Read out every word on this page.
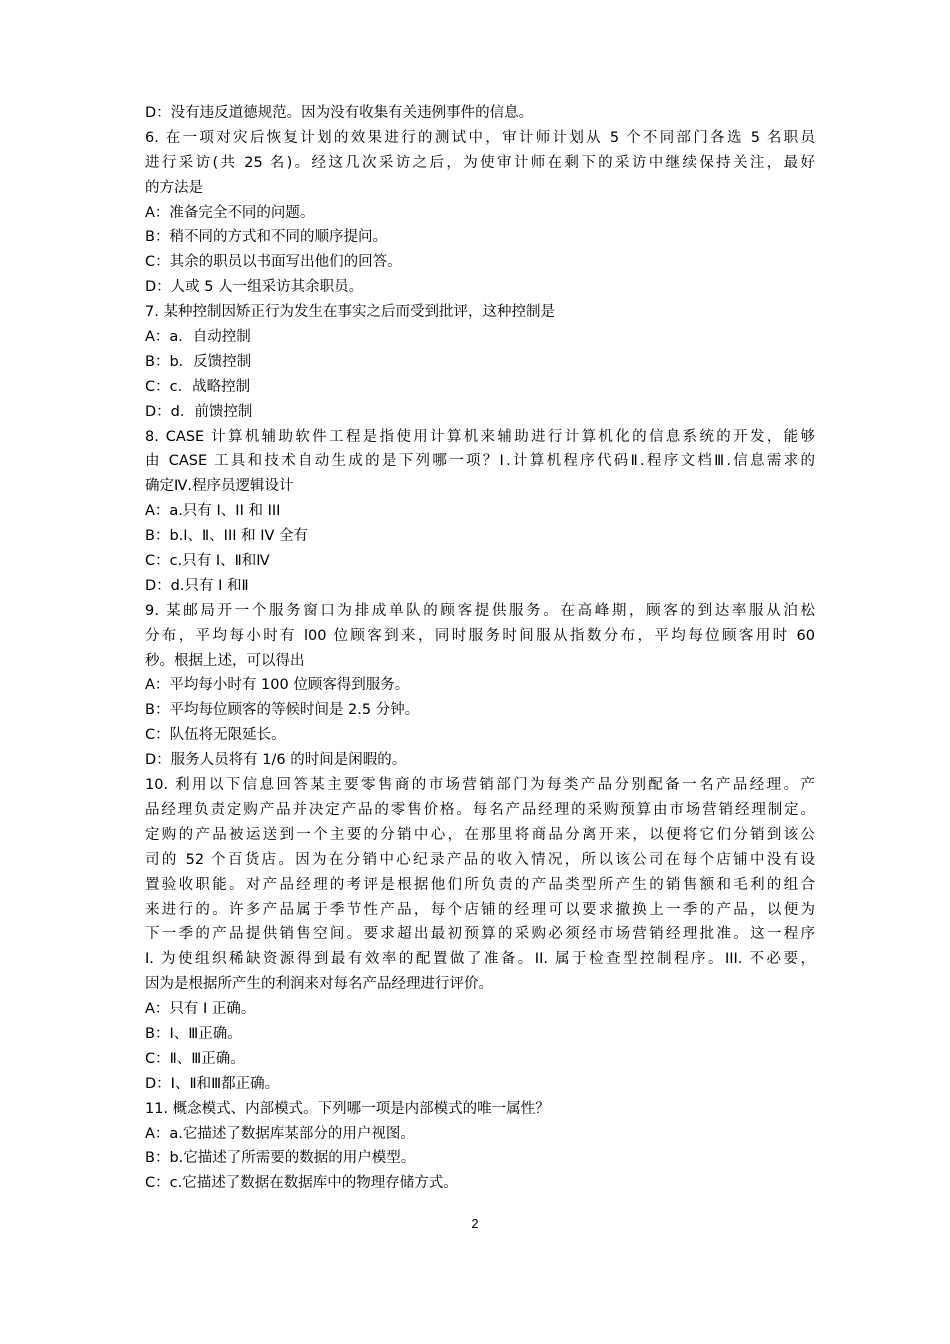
D：没有违反道德规范。因为没有收集有关违例事件的信息。
6. 在一项对灾后恢复计划的效果进行的测试中，审计师计划从 5 个不同部门各选 5 名职员
进行采访(共 25 名)。经这几次采访之后，为使审计师在剩下的采访中继续保持关注，最好
的方法是
A：准备完全不同的问题。
B：稍不同的方式和不同的顺序提问。
C：其余的职员以书面写出他们的回答。
D：人或 5 人一组采访其余职员。
7. 某种控制因矫正行为发生在事实之后而受到批评，这种控制是
A：a．自动控制
B：b．反馈控制
C：c．战略控制
D：d．前馈控制
8. CASE 计算机辅助软件工程是指使用计算机来辅助进行计算机化的信息系统的开发，能够
由 CASE 工具和技术自动生成的是下列哪一项？Ⅰ.计算机程序代码Ⅱ.程序文档Ⅲ.信息需求的
确定Ⅳ.程序员逻辑设计
A：a.只有 I、II 和 III
B：b.I、Ⅱ、III 和 IV 全有
C：c.只有 I、Ⅱ和Ⅳ
D：d.只有 I 和Ⅱ
9. 某邮局开一个服务窗口为排成单队的顾客提供服务。在高峰期，顾客的到达率服从泊松
分布，平均每小时有 l00 位顾客到来，同时服务时间服从指数分布，平均每位顾客用时 60
秒。根据上述，可以得出
A：平均每小时有 100 位顾客得到服务。
B：平均每位顾客的等候时间是 2.5 分钟。
C：队伍将无限延长。
D：服务人员将有 1/6 的时间是闲暇的。
10. 利用以下信息回答某主要零售商的市场营销部门为每类产品分别配备一名产品经理。产
品经理负责定购产品并决定产品的零售价格。每名产品经理的采购预算由市场营销经理制定。
定购的产品被运送到一个主要的分销中心，在那里将商品分离开来，以便将它们分销到该公
司的 52 个百货店。因为在分销中心纪录产品的收入情况，所以该公司在每个店铺中没有设
置验收职能。对产品经理的考评是根据他们所负责的产品类型所产生的销售额和毛利的组合
来进行的。许多产品属于季节性产品，每个店铺的经理可以要求撤换上一季的产品，以便为
下一季的产品提供销售空间。要求超出最初预算的采购必须经市场营销经理批准。这一程序
I. 为使组织稀缺资源得到最有效率的配置做了准备。II. 属于检查型控制程序。III. 不必要，
因为是根据所产生的利润来对每名产品经理进行评价。
A：只有 I 正确。
B：I、Ⅲ正确。
C：Ⅱ、Ⅲ正确。
D：I、Ⅱ和Ⅲ都正确。
11. 概念模式、内部模式。下列哪一项是内部模式的唯一属性？
A：a.它描述了数据库某部分的用户视图。
B：b.它描述了所需要的数据的用户模型。
C：c.它描述了数据在数据库中的物理存储方式。
2
